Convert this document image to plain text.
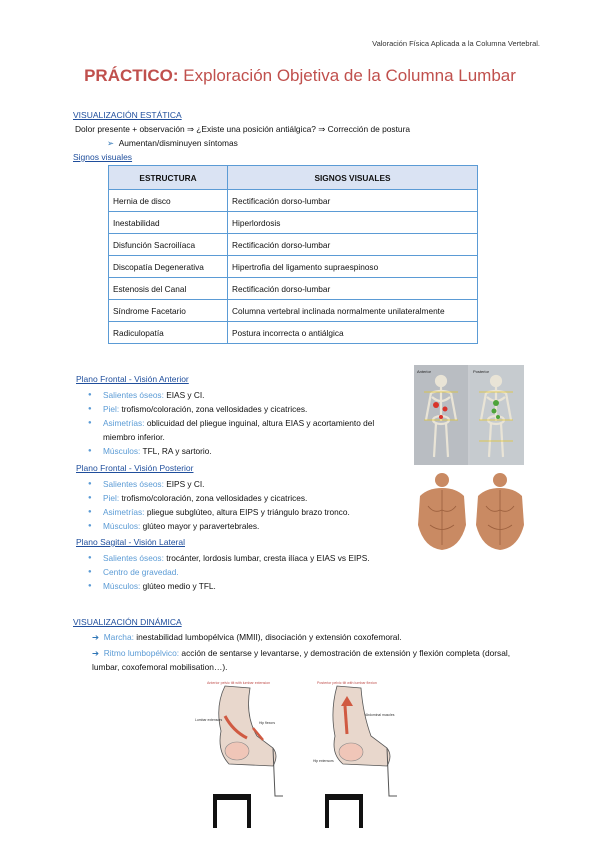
Valoración Física Aplicada a la Columna Vertebral.
PRÁCTICO: Exploración Objetiva de la Columna Lumbar
VISUALIZACIÓN ESTÁTICA
Dolor presente + observación ⇒ ¿Existe una posición antiálgica? ⇒ Corrección de postura
➢ Aumentan/disminuyen síntomas
Signos visuales
ESTRUCTURA	SIGNOS VISUALES
Hernia de disco	Rectificación dorso-lumbar
Inestabilidad	Hiperlordosis
Disfunción Sacroilíaca	Rectificación dorso-lumbar
Discopatía Degenerativa	Hipertrofia del ligamento supraespinoso
Estenosis del Canal	Rectificación dorso-lumbar
Síndrome Facetario	Columna vertebral inclinada normalmente unilateralmente
Radiculopatía	Postura incorrecta o antiálgica
Plano Frontal - Visión Anterior
● Salientes óseos: EIAS y CI.
● Piel: trofismo/coloración, zona vellosidades y cicatrices.
● Asimetrías: oblicuidad del pliegue inguinal, altura EIAS y acortamiento del miembro inferior.
● Músculos: TFL, RA y sartorio.
Plano Frontal - Visión Posterior
● Salientes óseos: EIPS y CI.
● Piel: trofismo/coloración, zona vellosidades y cicatrices.
● Asimetrías: pliegue subglúteo, altura EIPS y triángulo brazo tronco.
● Músculos: glúteo mayor y paravertebrales.
Plano Sagital - Visión Lateral
● Salientes óseos: trocánter, lordosis lumbar, cresta ilíaca y EIAS vs EIPS.
● Centro de gravedad.
● Músculos: glúteo medio y TFL.
Anterior	Posterior
VISUALIZACIÓN DINÁMICA
➔ Marcha: inestabilidad lumbopélvica (MMII), disociación y extensión coxofemoral.
➔ Ritmo lumbopélvico: acción de sentarse y levantarse, y demostración de extensión y flexión completa (dorsal, lumbar, coxofemoral mobilisation…).
Anterior pelvic tilt with lumbar extension	Posterior pelvic tilt with lumbar flexion
Lumbar extensors
Hip flexors
Abdominal muscles
Hip extensors
